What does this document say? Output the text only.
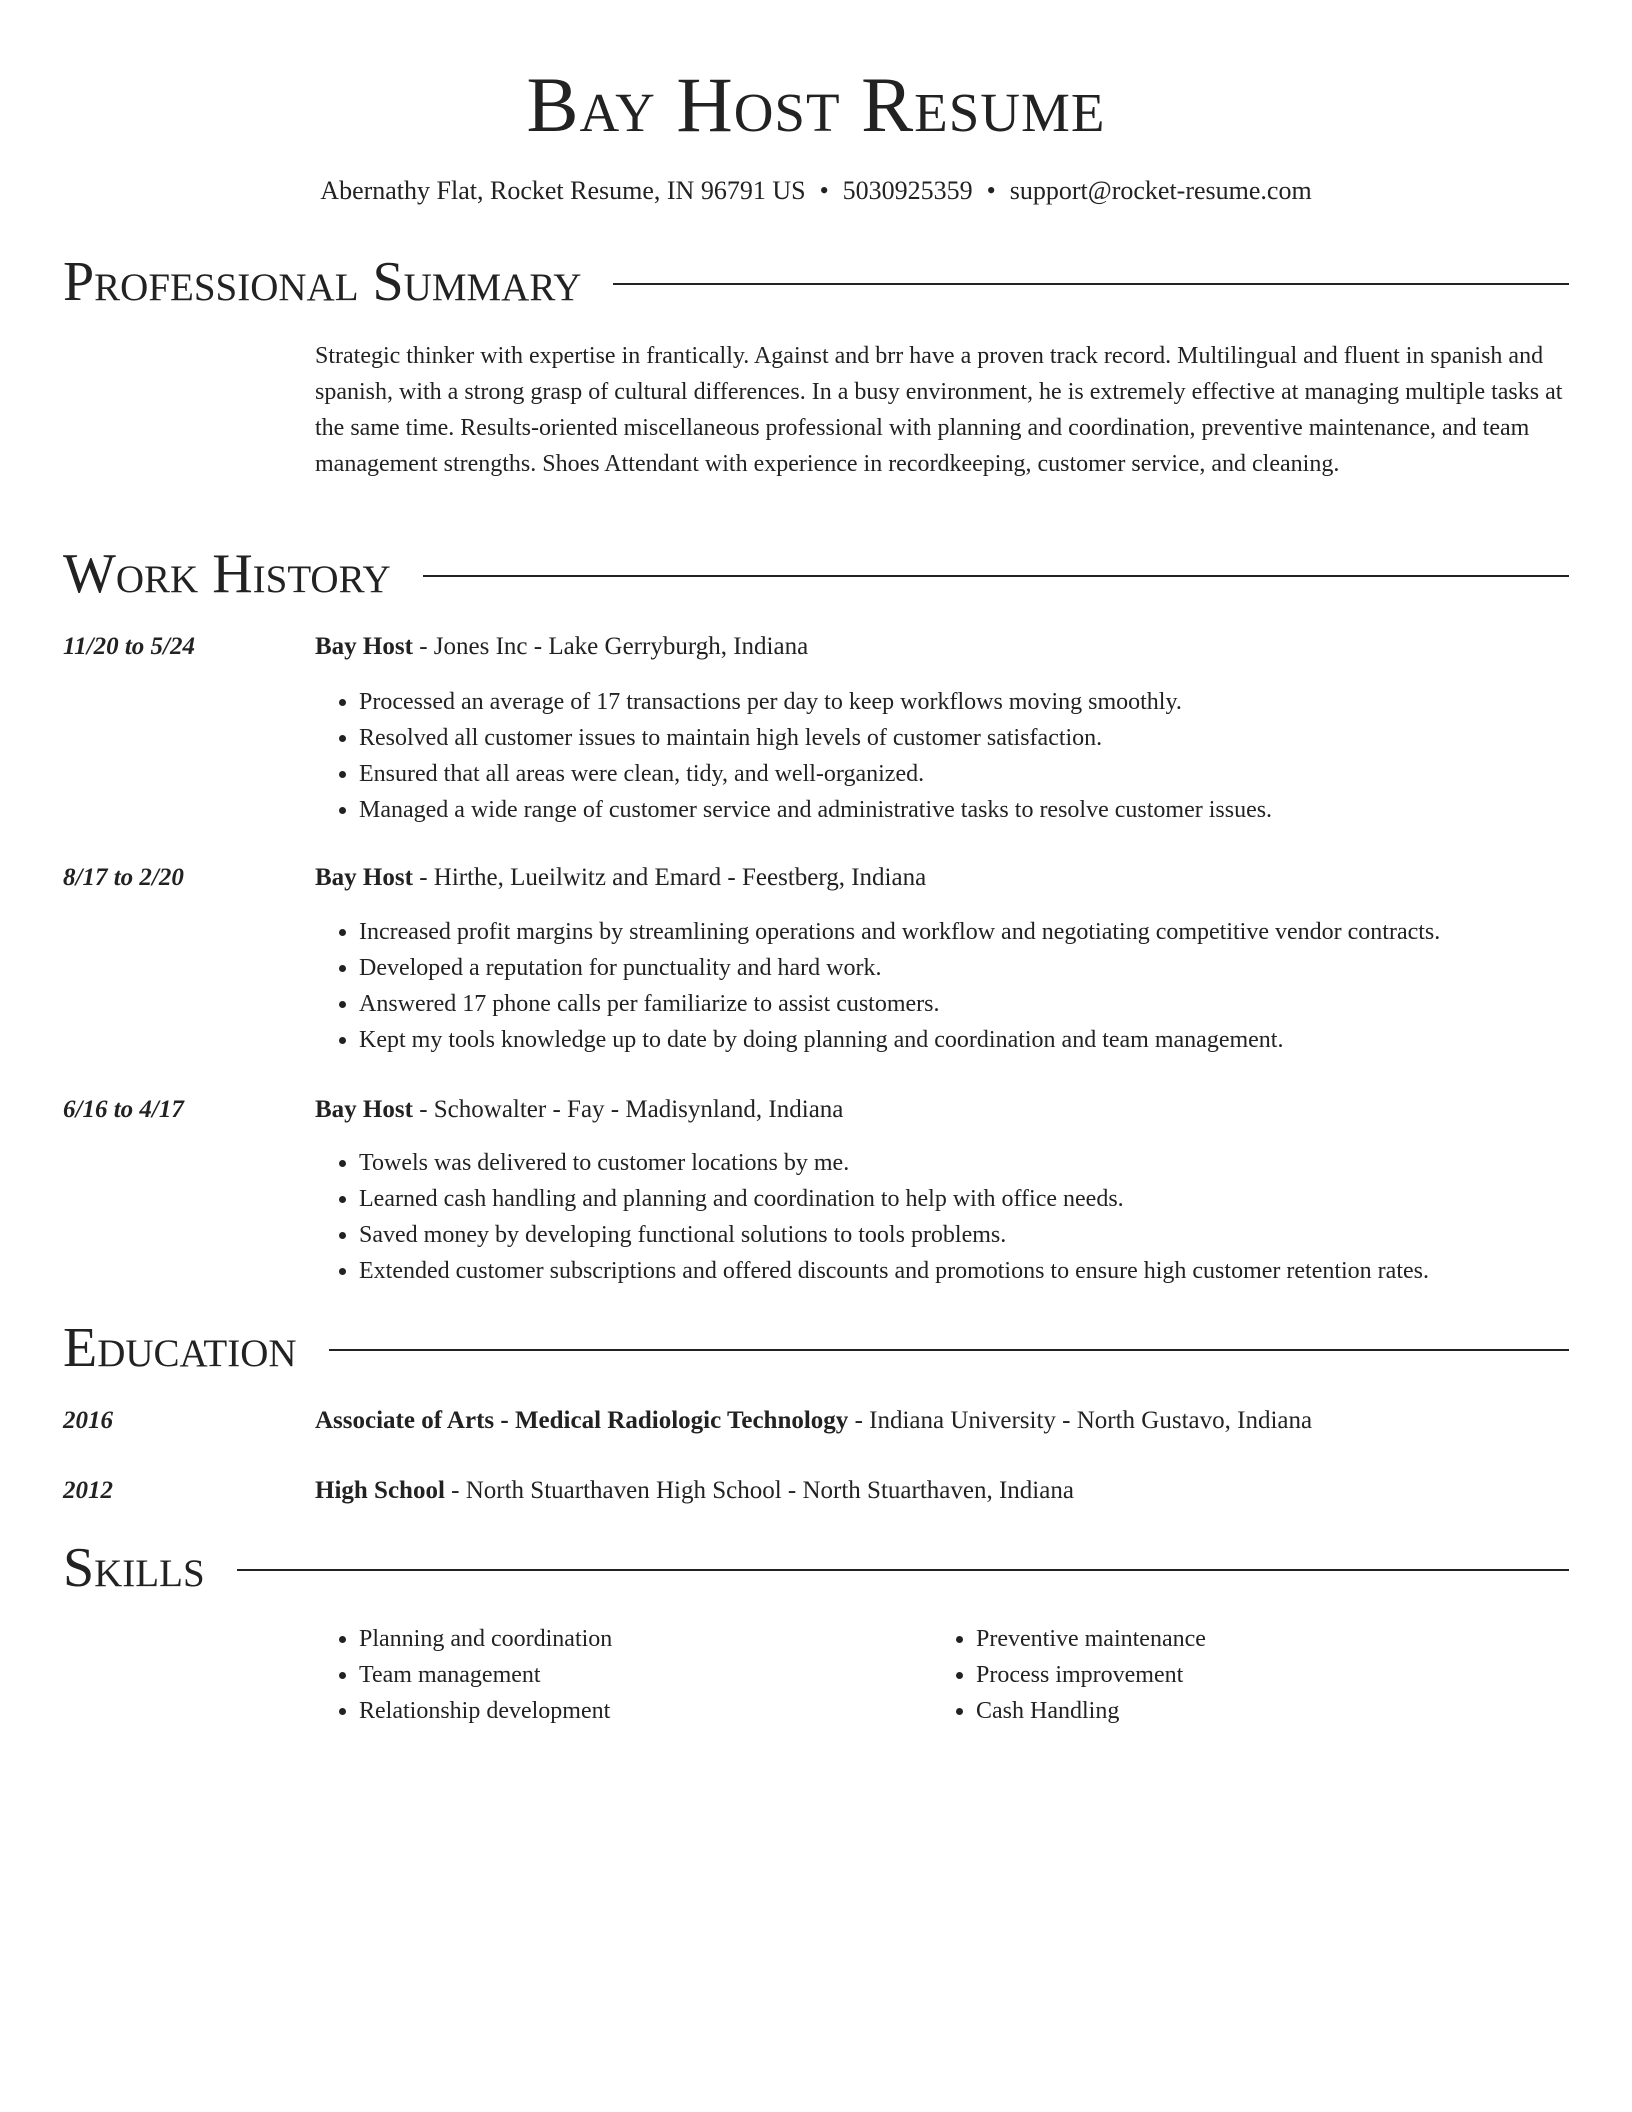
Bay Host Resume
Abernathy Flat, Rocket Resume, IN 96791 US • 5030925359 • support@rocket-resume.com
Professional Summary

Strategic thinker with expertise in frantically. Against and brr have a proven track record. Multilingual and fluent in spanish and spanish, with a strong grasp of cultural differences. In a busy environment, he is extremely effective at managing multiple tasks at the same time. Results-oriented miscellaneous professional with planning and coordination, preventive maintenance, and team management strengths. Shoes Attendant with experience in recordkeeping, customer service, and cleaning.

Work History
11/20 to 5/24	Bay Host - Jones Inc - Lake Gerryburgh, Indiana
• Processed an average of 17 transactions per day to keep workflows moving smoothly.
• Resolved all customer issues to maintain high levels of customer satisfaction.
• Ensured that all areas were clean, tidy, and well-organized.
• Managed a wide range of customer service and administrative tasks to resolve customer issues.
8/17 to 2/20	Bay Host - Hirthe, Lueilwitz and Emard - Feestberg, Indiana
• Increased profit margins by streamlining operations and workflow and negotiating competitive vendor contracts.
• Developed a reputation for punctuality and hard work.
• Answered 17 phone calls per familiarize to assist customers.
• Kept my tools knowledge up to date by doing planning and coordination and team management.
6/16 to 4/17	Bay Host - Schowalter - Fay - Madisynland, Indiana
• Towels was delivered to customer locations by me.
• Learned cash handling and planning and coordination to help with office needs.
• Saved money by developing functional solutions to tools problems.
• Extended customer subscriptions and offered discounts and promotions to ensure high customer retention rates.
Education
2016	Associate of Arts - Medical Radiologic Technology - Indiana University - North Gustavo, Indiana
2012	High School - North Stuarthaven High School - North Stuarthaven, Indiana
Skills
• Planning and coordination
• Team management
• Relationship development
• Preventive maintenance
• Process improvement
• Cash Handling
